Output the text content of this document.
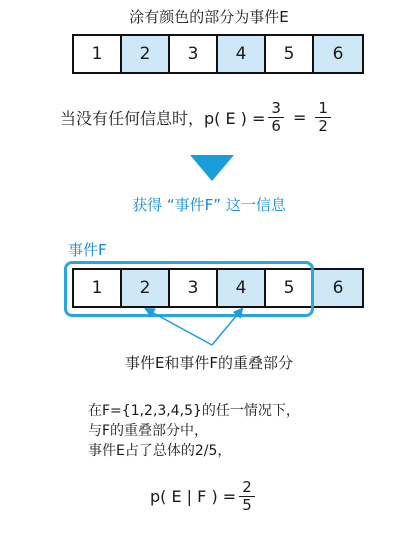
涂有颜色的部分为事件E
1	2	3	4	5	6
当没有任何信息时，p( E ) = $\frac{3}{6} = \frac{1}{2}$
获得 “事件F” 这一信息
事件F
1	2	3	4	5	6
事件E和事件F的重叠部分
在F={1,2,3,4,5}的任一情况下，
与F的重叠部分中，
事件E占了总体的2/5，
p( E | F ) = $\frac{2}{5}$
